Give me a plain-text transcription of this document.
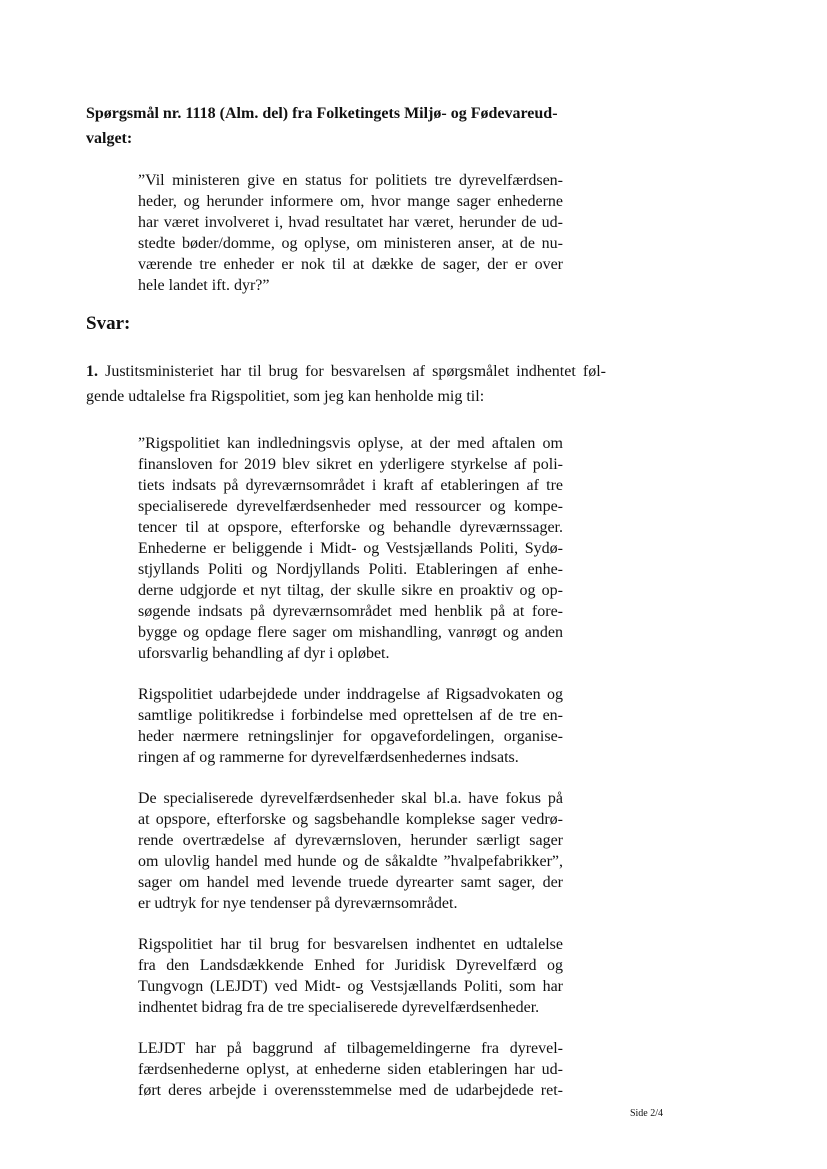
Spørgsmål nr. 1118 (Alm. del) fra Folketingets Miljø- og Fødevareud-
valget:
”Vil ministeren give en status for politiets tre dyrevelfærdsen-
heder, og herunder informere om, hvor mange sager enhederne
har været involveret i, hvad resultatet har været, herunder de ud-
stedte bøder/domme, og oplyse, om ministeren anser, at de nu-
værende tre enheder er nok til at dække de sager, der er over
hele landet ift. dyr?”
Svar:
1. Justitsministeriet har til brug for besvarelsen af spørgsmålet indhentet føl-
gende udtalelse fra Rigspolitiet, som jeg kan henholde mig til:

”Rigspolitiet kan indledningsvis oplyse, at der med aftalen om
finansloven for 2019 blev sikret en yderligere styrkelse af poli-
tiets indsats på dyreværnsområdet i kraft af etableringen af tre
specialiserede dyrevelfærdsenheder med ressourcer og kompe-
tencer til at opspore, efterforske og behandle dyreværnssager.
Enhederne er beliggende i Midt- og Vestsjællands Politi, Sydø-
stjyllands Politi og Nordjyllands Politi. Etableringen af enhe-
derne udgjorde et nyt tiltag, der skulle sikre en proaktiv og op-
søgende indsats på dyreværnsområdet med henblik på at fore-
bygge og opdage flere sager om mishandling, vanrøgt og anden
uforsvarlig behandling af dyr i opløbet.

Rigspolitiet udarbejdede under inddragelse af Rigsadvokaten og
samtlige politikredse i forbindelse med oprettelsen af de tre en-
heder nærmere retningslinjer for opgavefordelingen, organise-
ringen af og rammerne for dyrevelfærdsenhedernes indsats.

De specialiserede dyrevelfærdsenheder skal bl.a. have fokus på
at opspore, efterforske og sagsbehandle komplekse sager vedrø-
rende overtrædelse af dyreværnsloven, herunder særligt sager
om ulovlig handel med hunde og de såkaldte ”hvalpefabrikker”,
sager om handel med levende truede dyrearter samt sager, der
er udtryk for nye tendenser på dyreværnsområdet.

Rigspolitiet har til brug for besvarelsen indhentet en udtalelse
fra den Landsdækkende Enhed for Juridisk Dyrevelfærd og
Tungvogn (LEJDT) ved Midt- og Vestsjællands Politi, som har
indhentet bidrag fra de tre specialiserede dyrevelfærdsenheder.

LEJDT har på baggrund af tilbagemeldingerne fra dyrevel-
færdsenhederne oplyst, at enhederne siden etableringen har ud-
ført deres arbejde i overensstemmelse med de udarbejdede ret-

Side 2/4
